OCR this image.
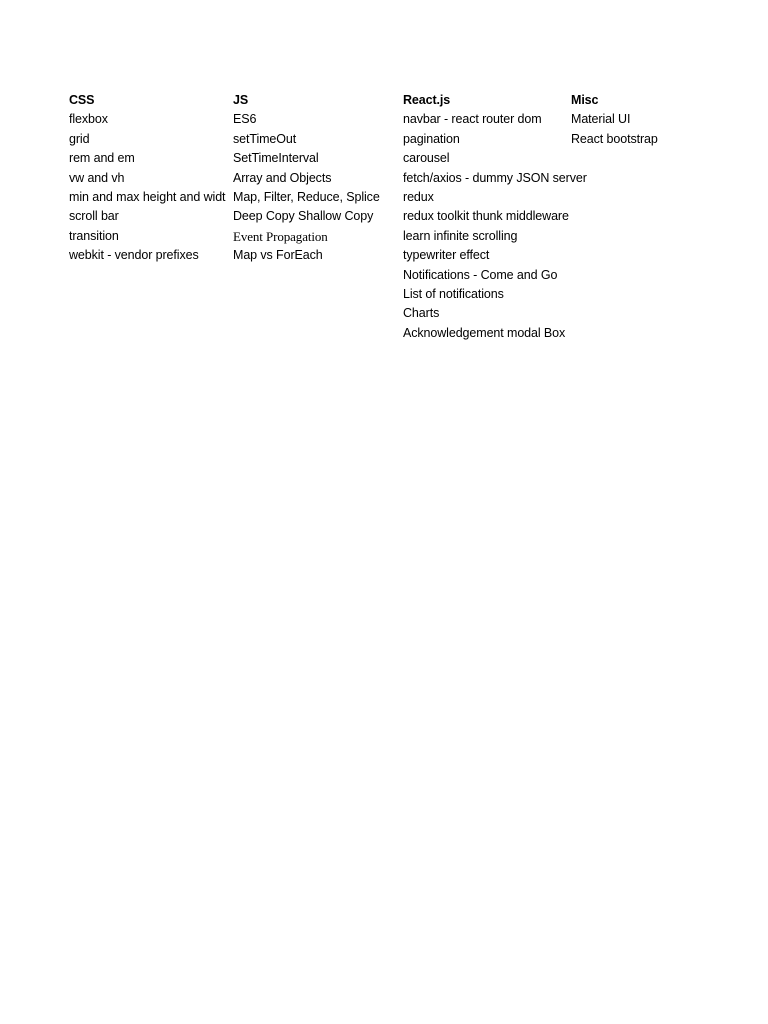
CSS
flexbox
grid
rem and em
vw and vh
min and max height and widt
scroll bar
transition
webkit - vendor prefixes
JS
ES6
setTimeOut
SetTimeInterval
Array and Objects
Map, Filter, Reduce, Splice
Deep Copy Shallow Copy
Event Propagation
Map vs ForEach
React.js
navbar - react router dom
pagination
carousel
fetch/axios - dummy JSON server
redux
redux toolkit thunk middleware
learn infinite scrolling
typewriter effect
Notifications - Come and Go
List of notifications
Charts
Acknowledgement modal Box
Misc
Material UI
React bootstrap
